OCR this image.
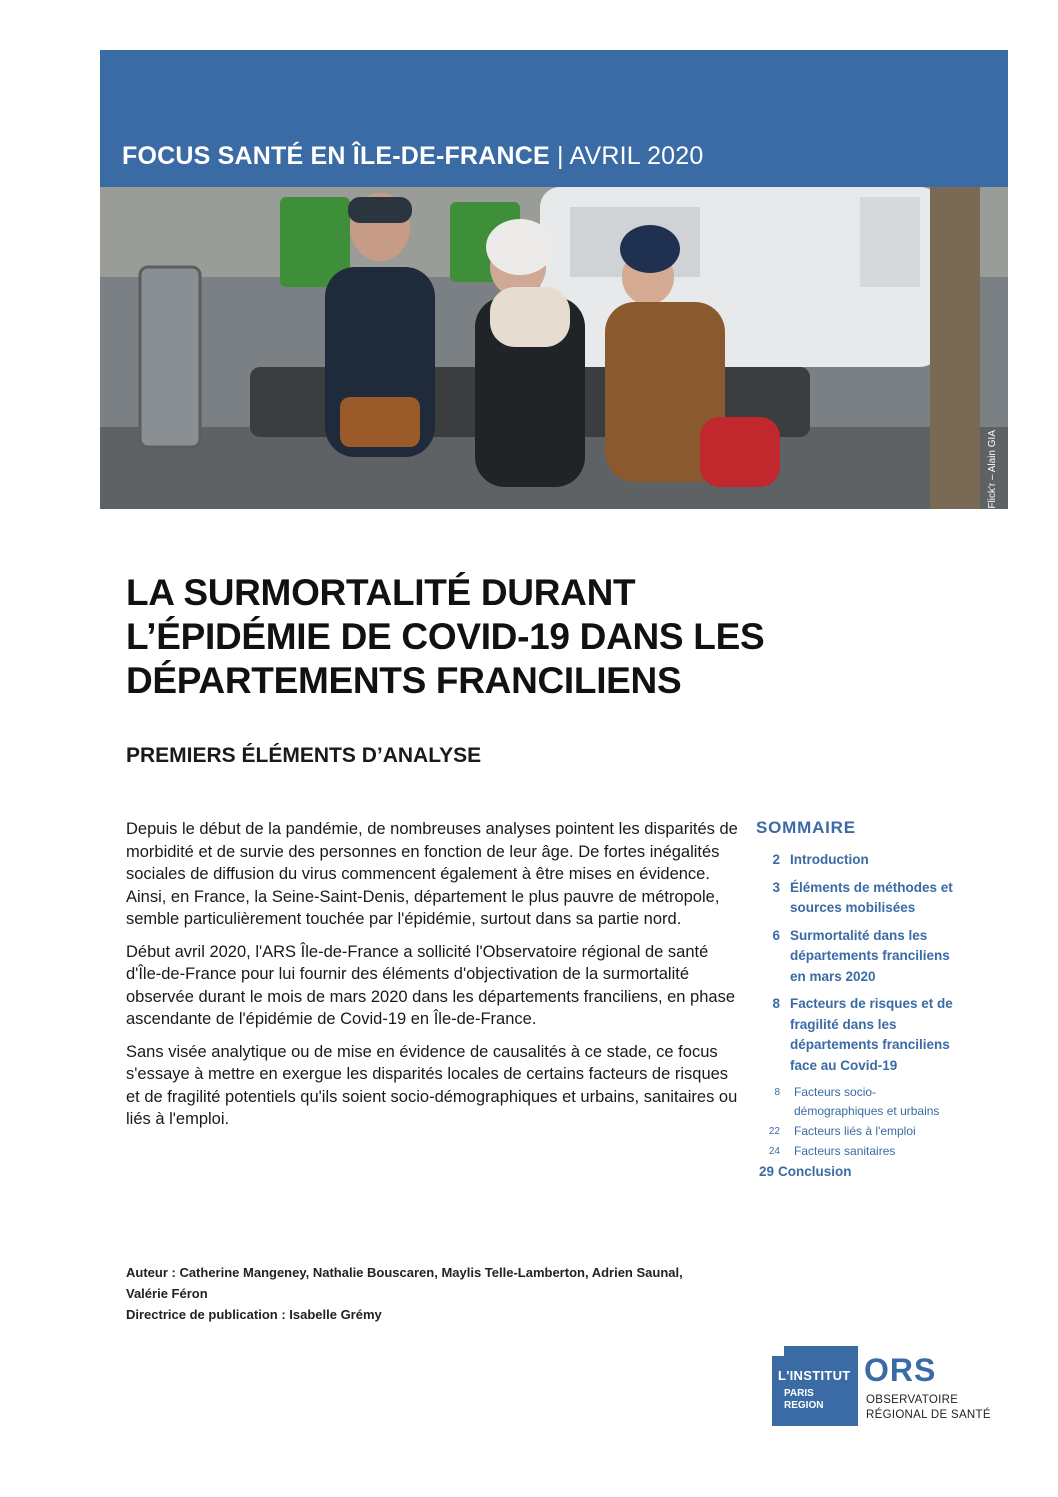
FOCUS SANTÉ EN ÎLE-DE-FRANCE | AVRIL 2020
Flick'r – Alain GIA
LA SURMORTALITÉ DURANT
L’ÉPIDÉMIE DE COVID-19 DANS LES
DÉPARTEMENTS FRANCILIENS
PREMIERS ÉLÉMENTS D’ANALYSE

Depuis le début de la pandémie, de nombreuses analyses pointent les disparités de morbidité et de survie des personnes en fonction de leur âge. De fortes inégalités sociales de diffusion du virus commencent également à être mises en évidence. Ainsi, en France, la Seine-Saint-Denis, département le plus pauvre de métropole, semble particulièrement touchée par l'épidémie, surtout dans sa partie nord.

Début avril 2020, l'ARS Île-de-France a sollicité l'Observatoire régional de santé d'Île-de-France pour lui fournir des éléments d'objectivation de la surmortalité observée durant le mois de mars 2020 dans les départements franciliens, en phase ascendante de l'épidémie de Covid-19 en Île-de-France.

Sans visée analytique ou de mise en évidence de causalités à ce stade, ce focus s'essaye à mettre en exergue les disparités locales de certains facteurs de risques et de fragilité potentiels qu'ils soient socio-démographiques et urbains, sanitaires ou liés à l'emploi.

Auteur : Catherine Mangeney, Nathalie Bouscaren, Maylis Telle-Lamberton, Adrien Saunal, Valérie Féron
Directrice de publication : Isabelle Grémy
SOMMAIRE
2 Introduction
3 Éléments de méthodes et sources mobilisées
6 Surmortalité dans les départements franciliens en mars 2020
8 Facteurs de risques et de fragilité dans les départements franciliens face au Covid-19
8	Facteurs socio-démographiques et urbains
22	Facteurs liés à l'emploi
24	Facteurs sanitaires
29 Conclusion
L'INSTITUT
PARIS
REGION
ORS
OBSERVATOIRE
RÉGIONAL DE SANTÉ
